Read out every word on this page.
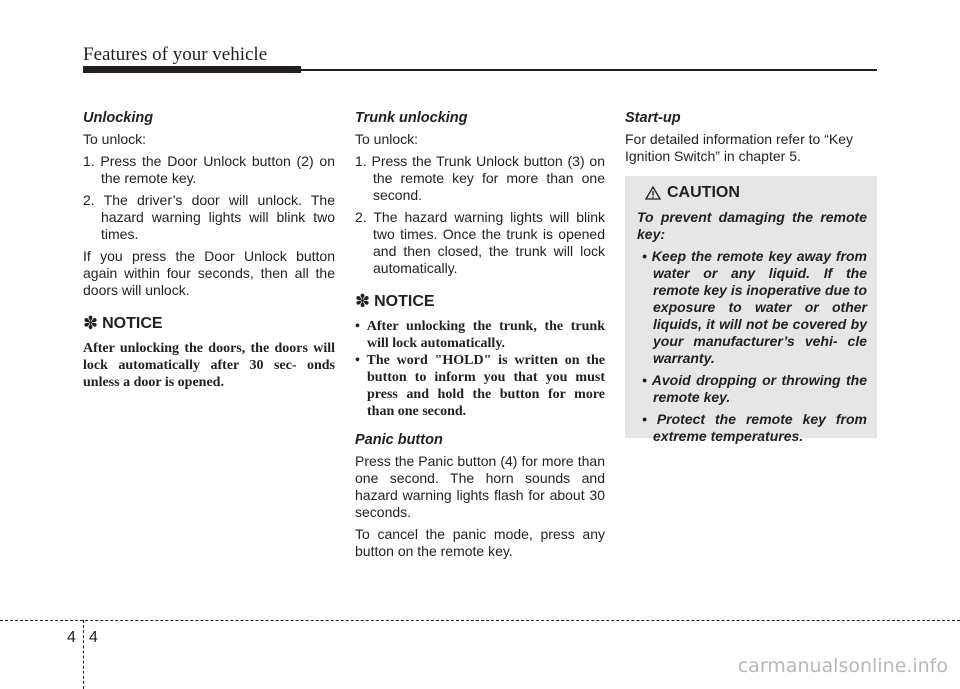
Features of your vehicle
Unlocking

To unlock:

1. Press the Door Unlock button (2) on the remote key.
2. The driver’s door will unlock. The hazard warning lights will blink two times.

If you press the Door Unlock button again within four seconds, then all the doors will unlock.

✽ NOTICE

After unlocking the doors, the doors will lock automatically after 30 sec- onds unless a door is opened.

Trunk unlocking

To unlock:

1. Press the Trunk Unlock button (3) on the remote key for more than one second.
2. The hazard warning lights will blink two times. Once the trunk is opened and then closed, the trunk will lock automatically.
✽ NOTICE
• After unlocking the trunk, the trunk will lock automatically.
• The word "HOLD" is written on the button to inform you that you must press and hold the button for more than one second.
Panic button

Press the Panic button (4) for more than one second. The horn sounds and hazard warning lights flash for about 30 seconds.

To cancel the panic mode, press any button on the remote key.

Start-up

For detailed information refer to “Key Ignition Switch” in chapter 5.

CAUTION

To prevent damaging the remote key:

• Keep the remote key away from water or any liquid. If the remote key is inoperative due to exposure to water or other liquids, it will not be covered by your manufacturer’s vehi- cle warranty.
• Avoid dropping or throwing the remote key.
• Protect the remote key from extreme temperatures.
4 4
carmanualsonline.info
